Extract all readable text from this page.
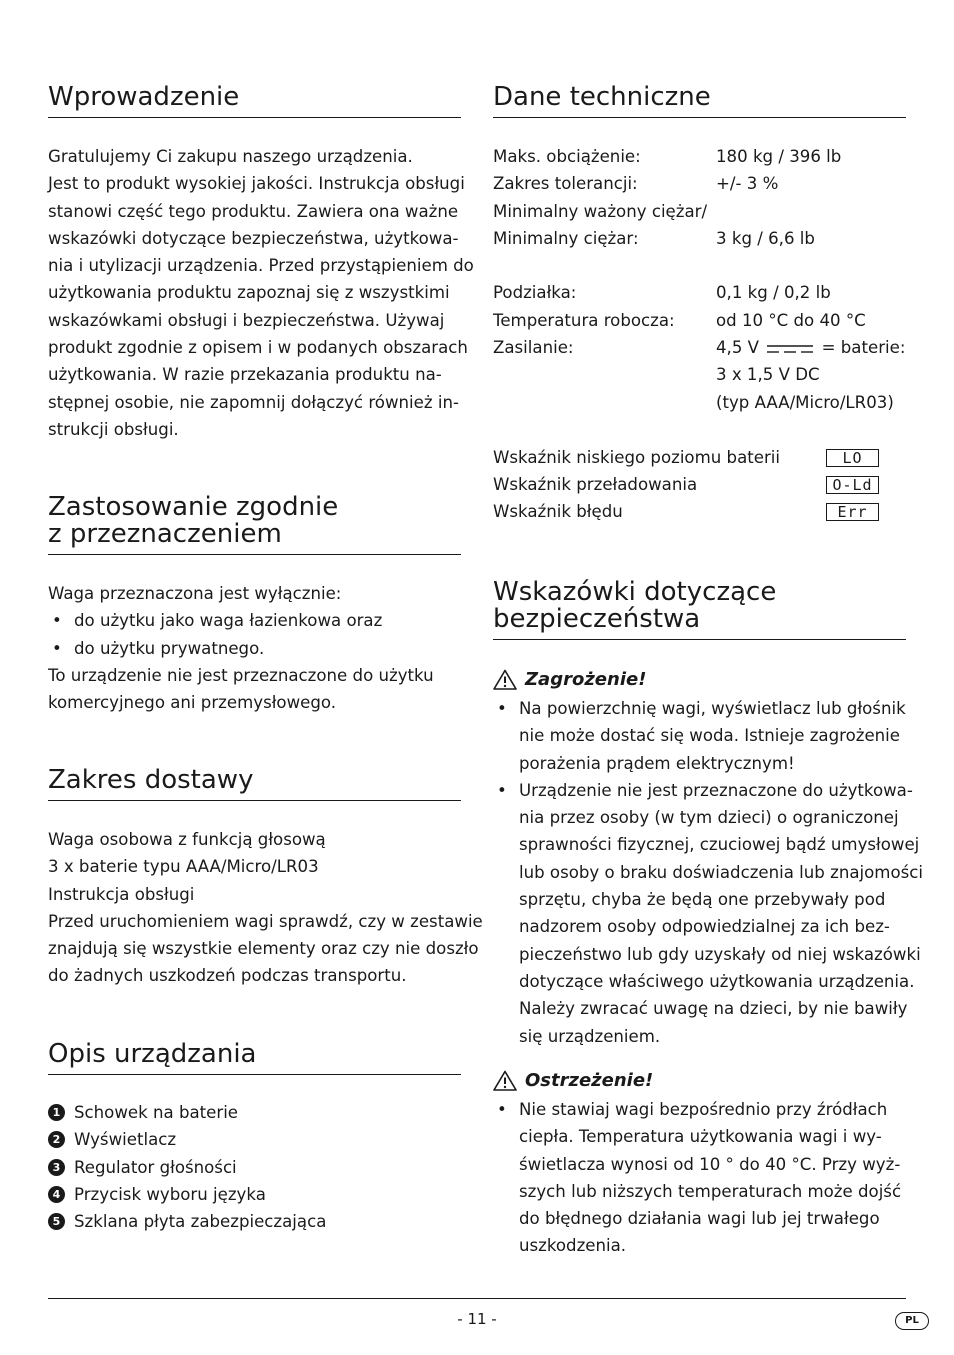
Wprowadzenie
Gratulujemy Ci zakupu naszego urządzenia.
Jest to produkt wysokiej jakości. Instrukcja obsługi
stanowi część tego produktu. Zawiera ona ważne
wskazówki dotyczące bezpieczeństwa, użytkowa-
nia i utylizacji urządzenia. Przed przystąpieniem do
użytkowania produktu zapoznaj się z wszystkimi
wskazówkami obsługi i bezpieczeństwa. Używaj
produkt zgodnie z opisem i w podanych obszarach
użytkowania. W razie przekazania produktu na-
stępnej osobie, nie zapomnij dołączyć również in-
strukcji obsługi.
Zastosowanie zgodnie
z przeznaczeniem
Waga przeznaczona jest wyłącznie:
• do użytku jako waga łazienkowa oraz
• do użytku prywatnego.
To urządzenie nie jest przeznaczone do użytku
komercyjnego ani przemysłowego.
Zakres dostawy
Waga osobowa z funkcją głosową
3 x baterie typu AAA/Micro/LR03
Instrukcja obsługi
Przed uruchomieniem wagi sprawdź, czy w zestawie
znajdują się wszystkie elementy oraz czy nie doszło
do żadnych uszkodzeń podczas transportu.
Opis urządzania
1 Schowek na baterie
2 Wyświetlacz
3 Regulator głośności
4 Przycisk wyboru języka
5 Szklana płyta zabezpieczająca
Dane techniczne
Maks. obciążenie:	180 kg / 396 lb
Zakres tolerancji:	+/- 3 %
Minimalny ważony ciężar/	
Minimalny ciężar:	3 kg / 6,6 lb

Podziałka:	0,1 kg / 0,2 lb
Temperatura robocza:	od 10 °C do 40 °C
Zasilanie:	4,5 V = baterie:
	3 x 1,5 V DC
	(typ AAA/Micro/LR03)
Wskaźnik niskiego poziomu baterii	LO
Wskaźnik przeładowania	O-Ld
Wskaźnik błędu	Err
Wskazówki dotyczące
bezpieczeństwa
Zagrożenie!
• Na powierzchnię wagi, wyświetlacz lub głośnik
nie może dostać się woda. Istnieje zagrożenie
porażenia prądem elektrycznym!
• Urządzenie nie jest przeznaczone do użytkowa-
nia przez osoby (w tym dzieci) o ograniczonej
sprawności fizycznej, czuciowej bądź umysłowej
lub osoby o braku doświadczenia lub znajomości
sprzętu, chyba że będą one przebywały pod
nadzorem osoby odpowiedzialnej za ich bez-
pieczeństwo lub gdy uzyskały od niej wskazówki
dotyczące właściwego użytkowania urządzenia.
Należy zwracać uwagę na dzieci, by nie bawiły
się urządzeniem.
Ostrzeżenie!
• Nie stawiaj wagi bezpośrednio przy źródłach
ciepła. Temperatura użytkowania wagi i wy-
świetlacza wynosi od 10 ° do 40 °C. Przy wyż-
szych lub niższych temperaturach może dojść
do błędnego działania wagi lub jej trwałego
uszkodzenia.
- 11 -	PL
